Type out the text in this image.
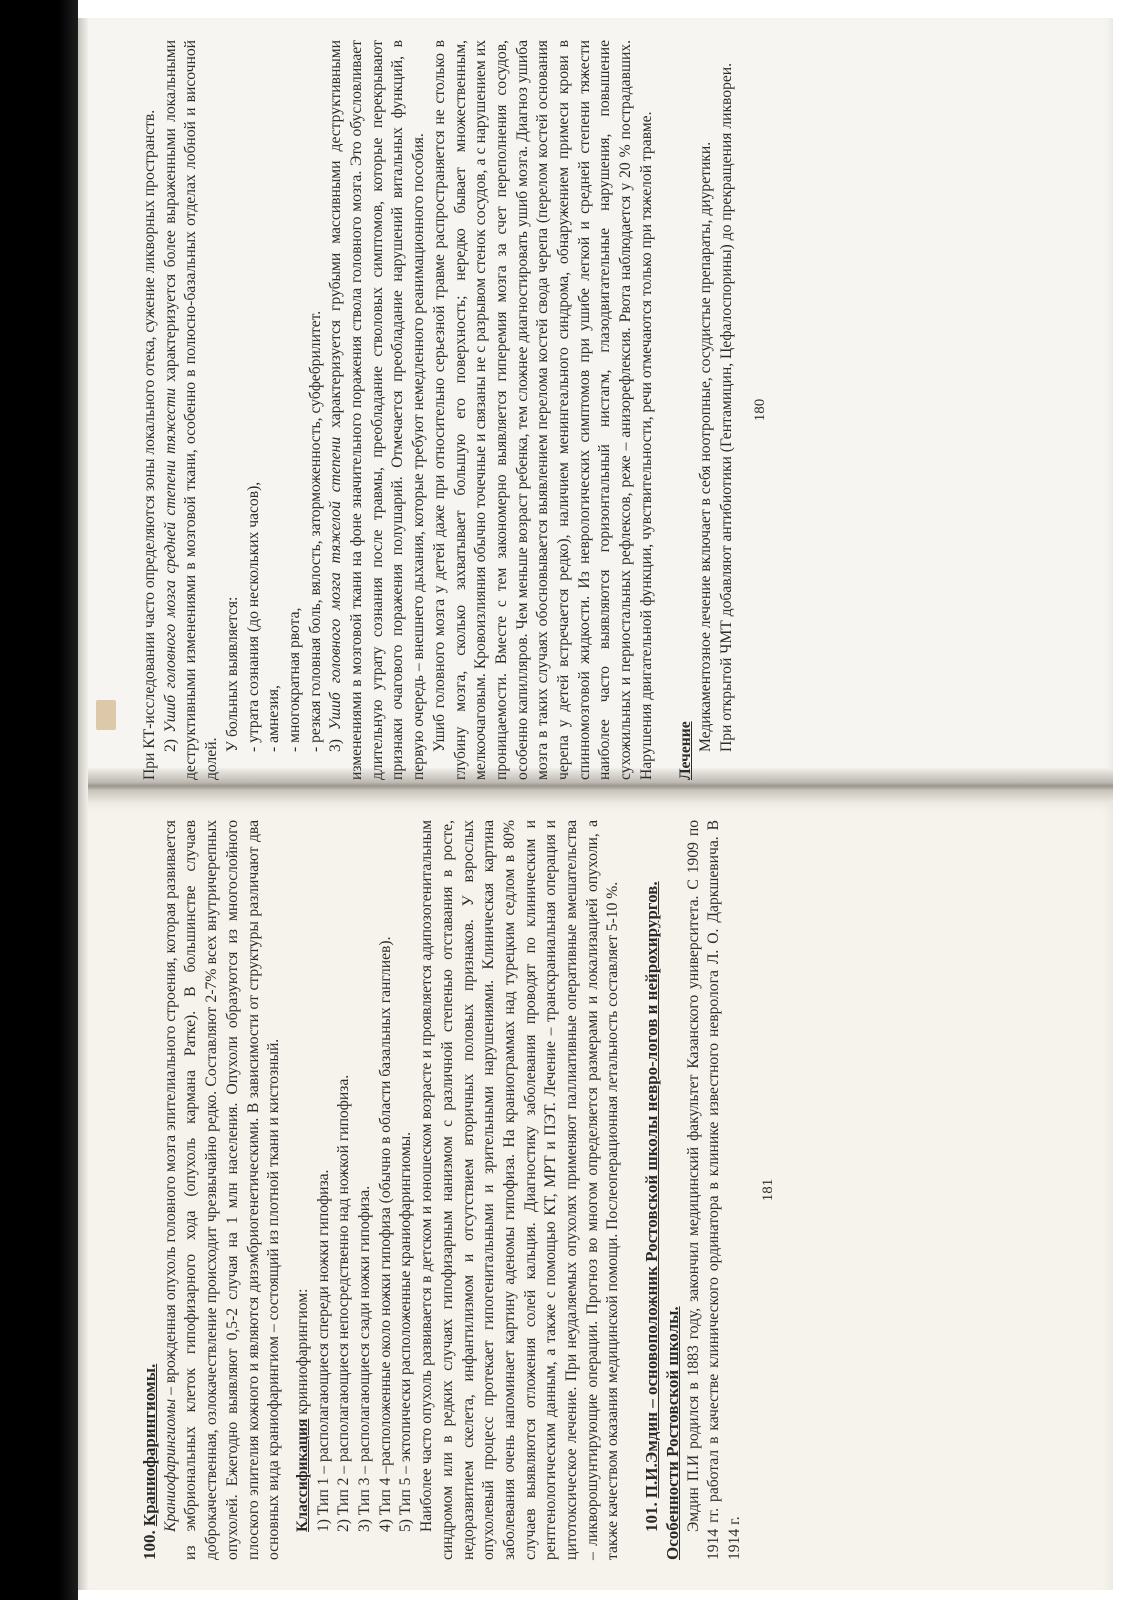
При КТ-исследовании часто определяются зоны локального отека, сужение ликворных пространств. 2) Ушиб головного мозга средней степени тяжести характеризуется более выраженными локальными деструктивными изменениями в мозговой ткани, особенно в полюсно-базальных отделах лобной и височной долей.

У больных выявляется: - утрата сознания (до нескольких часов), - амнезия, - многократная рвота, - резкая головная боль, вялость, заторможенность, субфебрилитет. 3) Ушиб головного мозга тяжелой степени характеризуется грубыми массивными деструктивными изменениями в мозговой ткани на фоне значительного поражения ствола головного мозга. Это обусловливает длительную утрату сознания после травмы, преобладание стволовых симптомов, которые перекрывают признаки очагового поражения полушарий. Отмечается преобладание нарушений витальных функций, в первую очередь – внешнего дыхания, которые требуют немедленного реанимационного пособия. Ушиб головного мозга у детей даже при относительно серьезной травме распространяется не столько в глубину мозга, сколько захватывает большую его поверхность; нередко бывает множественным, мелкоочаговым. Кровоизлияния обычно точечные и связаны не с разрывом стенок сосудов, а с нарушением их проницаемости. Вместе с тем закономерно выявляется гиперемия мозга за счет переполнения сосудов, особенно капилляров. Чем меньше возраст ребенка, тем сложнее диагностировать ушиб мозга. Диагноз ушиба мозга в таких случаях обосновывается выявлением перелома костей свода черепа (перелом костей основания черепа у детей встречается редко), наличием менингеального синдрома, обнаружением примеси крови в спинномозговой жидкости. Из неврологических симптомов при ушибе легкой и средней степени тяжести наиболее часто выявляются горизонтальный нистагм, глазодвигательные нарушения, повышение сухожильных и периостальных рефлексов, реже – анизорефлексия. Рвота наблюдается у 20 % пострадавших. Нарушения двигательной функции, чувствительности, речи отмечаются только при тяжелой травме. Лечение Медикаментозное лечение включает в себя ноотропные, сосудистые препараты, диуретики. При открытой ЧМТ добавляют антибиотики (Гентамицин, Цефалоспорины) до прекращения ликвореи. 180

100.Краниофарингиомы. Краниофарингиомы – врожденная опухоль головного мозга эпителиального строения, которая развивается из эмбриональных клеток гипофизарного хода (опухоль кармана Ратке). В большинстве случаев доброкачественная, озлокачествление происходит чрезвычайно редко. Составляют 2-7% всех внутричерепных опухолей. Ежегодно выявляют 0,5-2 случая на 1 млн населения. Опухоли образуются из многослойного плоского эпителия кожного и являются дизэмбриогенетическими. В зависимости от структуры различают два основных вида краниофарингиом – состоящий из плотной ткани и кистозный. Классификация криниофарингиом: 1) Тип 1 – располагающиеся спереди ножки гипофиза. 2) Тип 2 – располагающиеся непосредственно над ножкой гипофиза. 3) Тип 3 – располагающиеся сзади ножки гипофиза. 4) Тип 4 –расположенные около ножки гипофиза (обычно в области базальных ганглиев). 5) Тип 5 – эктопически расположенные краниофарингиомы. Наиболее часто опухоль развивается в детском и юношеском возрасте и проявляется адипозогенитальным синдромом или в редких случаях гипофизарным нанизмом с различной степенью отставания в росте, недоразвитием скелета, инфантилизмом и отсутствием вторичных половых признаков. У взрослых опухолевый процесс протекает гипогенитальными и зрительными нарушениями. Клиническая картина заболевания очень напоминает картину аденомы гипофиза. На краниограммах над турецким седлом в 80% случаев выявляются отложения солей кальция. Диагностику заболевания проводят по клиническим и рентгенологическим данным, а также с помощью КТ, МРТ и ПЭТ. Лечение – транскраниальная операция и цитотоксическое лечение. При неудаляемых опухолях применяют паллиативные оперативные вмешательства – ликворошунтирующие операции. Прогноз во многом определяется размерами и локализацией опухоли, а также качеством оказания медицинской помощи. Послеоперационная летальность составляет 5-10 %. 101.П.И.Эмдин – основоположник Ростовской школы невро-логов и нейрохирургов. Особенности Ростовской школы. Эмдин П.И родился в 1883 году, закончил медицинский факультет Казанского университета. С 1909 по 1914 гг. работал в качестве клинического ординатора в клинике известного невролога Л. О. Даркшевича. В 1914 г.

181
